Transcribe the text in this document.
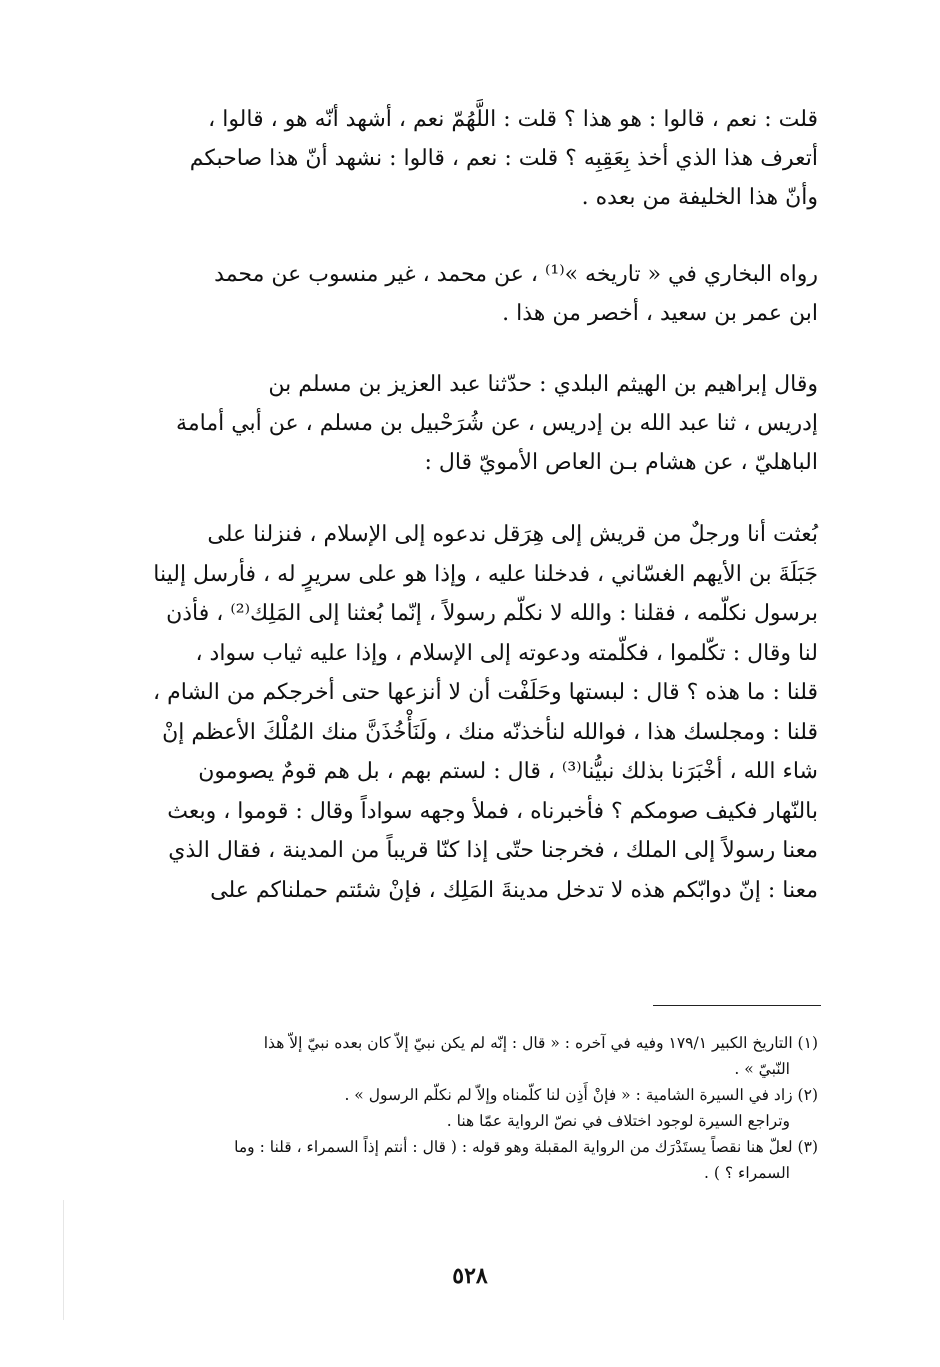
قلت : نعم ، قالوا : هو هذا ؟ قلت : اللَّهُمّ نعم ، أشهد أنّه هو ، قالوا ،
أتعرف هذا الذي أخذ بِعَقِبِه ؟ قلت : نعم ، قالوا : نشهد أنّ هذا صاحبكم
وأنّ هذا الخليفة من بعده .
رواه البخاري في « تاريخه »⁽¹⁾ ، عن محمد ، غير منسوب عن محمد
ابن عمر بن سعيد ، أخصر من هذا .
وقال إبراهيم بن الهيثم البلدي : حدّثنا عبد العزيز بن مسلم بن
إدريس ، ثنا عبد الله بن إدريس ، عن شُرَحْبيل بن مسلم ، عن أبي أمامة
الباهليّ ، عن هشام بـن العاص الأمويّ قال :
بُعثت أنا ورجلٌ من قريش إلى هِرَقل ندعوه إلى الإسلام ، فنزلنا على
جَبَلَةَ بن الأيهم الغسّاني ، فدخلنا عليه ، وإذا هو على سريرٍ له ، فأرسل إلينا
برسول نكلّمه ، فقلنا : والله لا نكلّم رسولاً ، إنّما بُعثنا إلى المَلِك⁽²⁾ ، فأذن
لنا وقال : تكّلموا ، فكلّمته ودعوته إلى الإسلام ، وإذا عليه ثياب سواد ،
قلنا : ما هذه ؟ قال : لبستها وحَلَفْت أن لا أنزعها حتى أخرجكم من الشام ،
قلنا : ومجلسك هذا ، فوالله لنأخذنّه منك ، ولَنَأْخُذَنَّ منك المُلْكَ الأعظم إنْ
شاء الله ، أخْبَرَنا بذلك نبيُّنا⁽³⁾ ، قال : لستم بهم ، بل هم قومٌ يصومون
بالنّهار فكيف صومكم ؟ فأخبرناه ، فملأ وجهه سواداً وقال : قوموا ، وبعث
معنا رسولاً إلى الملك ، فخرجنا حتّى إذا كنّا قريباً من المدينة ، فقال الذي
معنا : إنّ دوابّكم هذه لا تدخل مدينةَ المَلِك ، فإنْ شئتم حملناكم على
(١) التاريخ الكبير ١٧٩/١ وفيه في آخره : « قال : إنّه لم يكن نبيّ إلاّ كان بعده نبيّ إلاّ هذا
النّبيّ » .
(٢) زاد في السيرة الشامية : « فإنْ أَذِن لنا كلّمناه وإلاّ لم نكلّم الرسول » .
وتراجع السيرة لوجود اختلاف في نصّ الرواية عمّا هنا .
(٣) لعلّ هنا نقصاً يستَدْرَك من الرواية المقبلة وهو قوله : ( قال : أنتم إذاً السمراء ، قلنا : وما
السمراء ؟ ) .
٥٢٨
